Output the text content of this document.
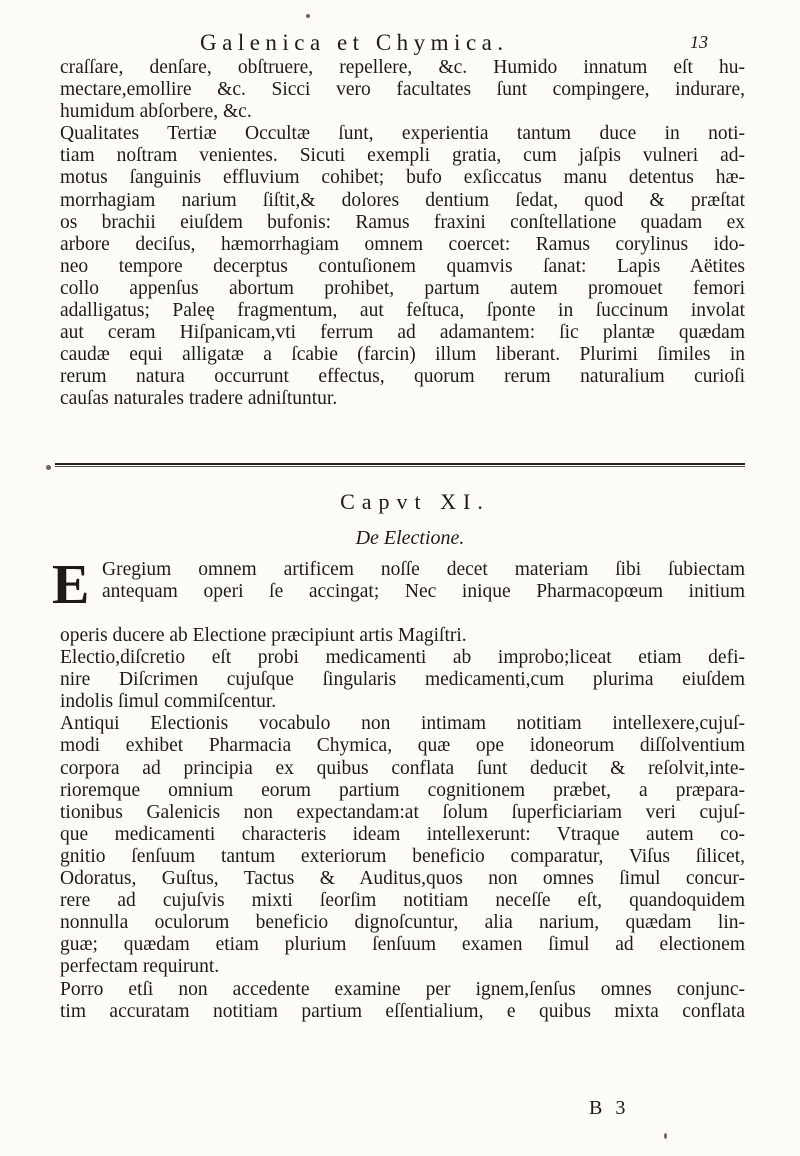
Galenica et Chymica.	13
craſſare, denſare, obſtruere, repellere, &c. Humido innatum eſt hu-
mectare,emollire &c. Sicci vero facultates ſunt compingere, indurare,
humidum abſorbere, &c.
Qualitates Tertiæ Occultæ ſunt, experientia tantum duce in noti-
tiam noſtram venientes. Sicuti exempli gratia, cum jaſpis vulneri ad-
motus ſanguinis effluvium cohibet; bufo exſiccatus manu detentus hæ-
morrhagiam narium ſiſtit,& dolores dentium ſedat, quod & præſtat
os brachii eiuſdem bufonis: Ramus fraxini conſtellatione quadam ex
arbore deciſus, hæmorrhagiam omnem coercet: Ramus corylinus ido-
neo tempore decerptus contuſionem quamvis ſanat: Lapis Aëtites
collo appenſus abortum prohibet, partum autem promouet femori
adalligatus; Paleę fragmentum, aut feſtuca, ſponte in ſuccinum involat
aut ceram Hiſpanicam,vti ferrum ad adamantem: ſic plantæ quædam
caudæ equi alligatæ a ſcabie (farcin) illum liberant. Plurimi ſimiles in
rerum natura occurrunt effectus, quorum rerum naturalium curioſi
cauſas naturales tradere adniſtuntur.
Capvt XI.
De Electione.
E Gregium omnem artificem noſſe decet materiam ſibi ſubiectam
antequam operi ſe accingat; Nec inique Pharmacopœum initium
operis ducere ab Electione præcipiunt artis Magiſtri.
Electio,diſcretio eſt probi medicamenti ab improbo;liceat etiam defi-
nire Diſcrimen cujuſque ſingularis medicamenti,cum plurima eiuſdem
indolis ſimul commiſcentur.
Antiqui Electionis vocabulo non intimam notitiam intellexere,cujuſ-
modi exhibet Pharmacia Chymica, quæ ope idoneorum diſſolventium
corpora ad principia ex quibus conflata ſunt deducit & reſolvit,inte-
rioremque omnium eorum partium cognitionem præbet, a præpara-
tionibus Galenicis non expectandam:at ſolum ſuperficiariam veri cujuſ-
que medicamenti characteris ideam intellexerunt: Vtraque autem co-
gnitio ſenſuum tantum exteriorum beneficio comparatur, Viſus ſilicet,
Odoratus, Guſtus, Tactus & Auditus,quos non omnes ſimul concur-
rere ad cujuſvis mixti ſeorſim notitiam neceſſe eſt, quandoquidem
nonnulla oculorum beneficio dignoſcuntur, alia narium, quædam lin-
guæ; quædam etiam plurium ſenſuum examen ſimul ad electionem
perfectam requirunt.
Porro etſi non accedente examine per ignem,ſenſus omnes conjunc-
tim accuratam notitiam partium eſſentialium, e quibus mixta conflata
B 3
